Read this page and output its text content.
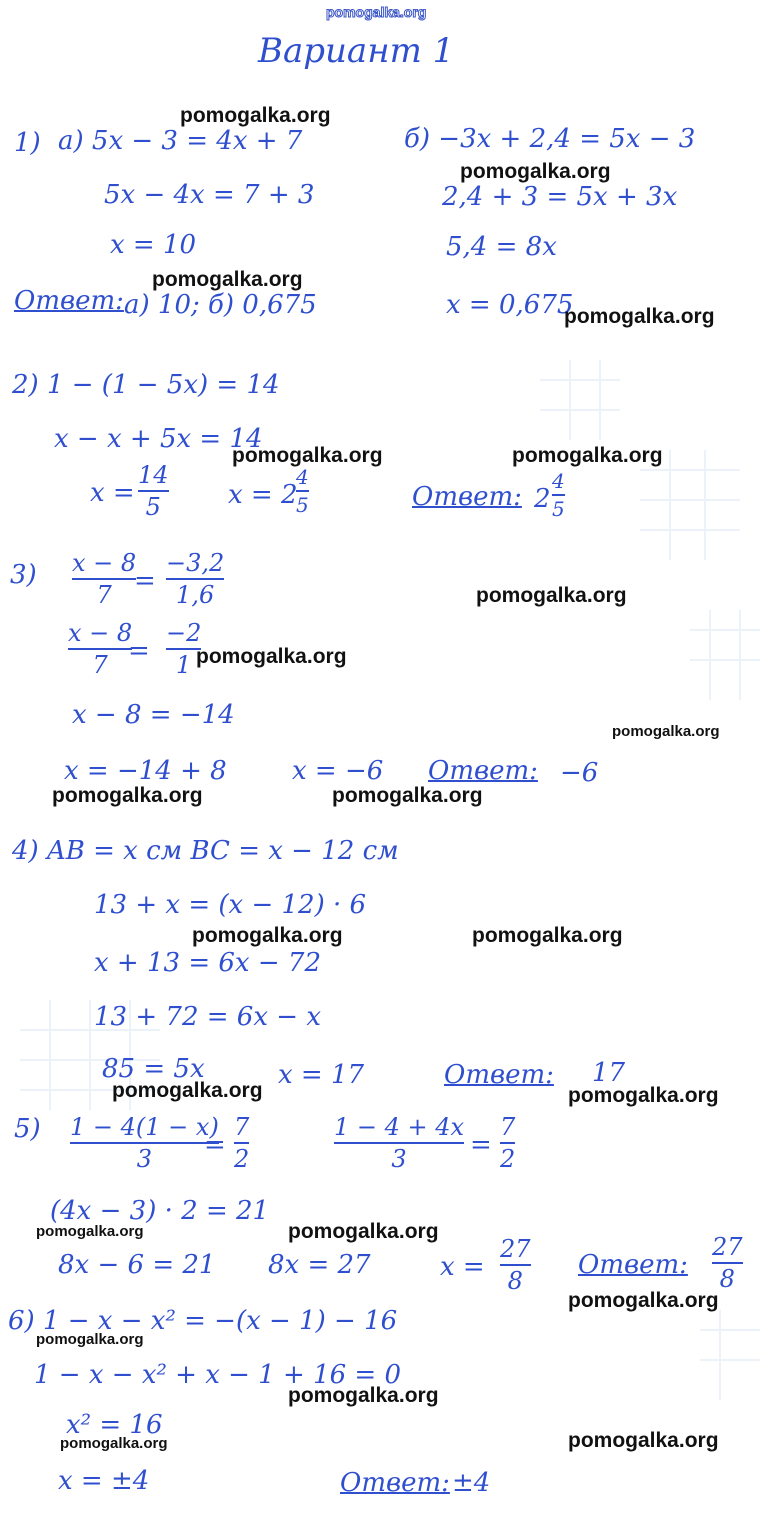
pomogalka.org
Вариант 1
1) а) 5x − 3 = 4x + 7
5x − 4x = 7 + 3
x = 10
б) −3x + 2,4 = 5x − 3
2,4 + 3 = 5x + 3x
5,4 = 8x
x = 0,675
Ответ: а) 10; б) 0,675
2) 1 − (1 − 5x) = 14
x − x + 5x = 14
x =
14
5	x = 2
4
5	Ответ: 2
4
5
3) x − 8
7 =
−3,2
1,6
x − 8
7 =
−2
1
x − 8 = −14
x = −14 + 8	x = −6 Ответ: −6
4) AB = x см BC = x − 12 см
13 + x = (x − 12) · 6
x + 13 = 6x − 72
13 + 72 = 6x − x
85 = 5x	x = 17	Ответ: 17
5) 1 − 4(1 − x)
3 =
7
2
1 − 4 + 4x
3 =
7
2
(4x − 3) · 2 = 21
8x − 6 = 21 8x = 27	x =
27
8
Ответ:
27
8
6) 1 − x − x² = −(x − 1) − 16
1 − x − x² + x − 1 + 16 = 0
x² = 16
x = ±4	Ответ: ±4
pomogalka.org
pomogalka.org
pomogalka.org
pomogalka.org
pomogalka.org	pomogalka.org
pomogalka.org
pomogalka.org
pomogalka.org
pomogalka.org	pomogalka.org
pomogalka.org	pomogalka.org
pomogalka.org	pomogalka.org
pomogalka.org	pomogalka.org
pomogalka.org
pomogalka.org
pomogalka.org
pomogalka.org	pomogalka.org
